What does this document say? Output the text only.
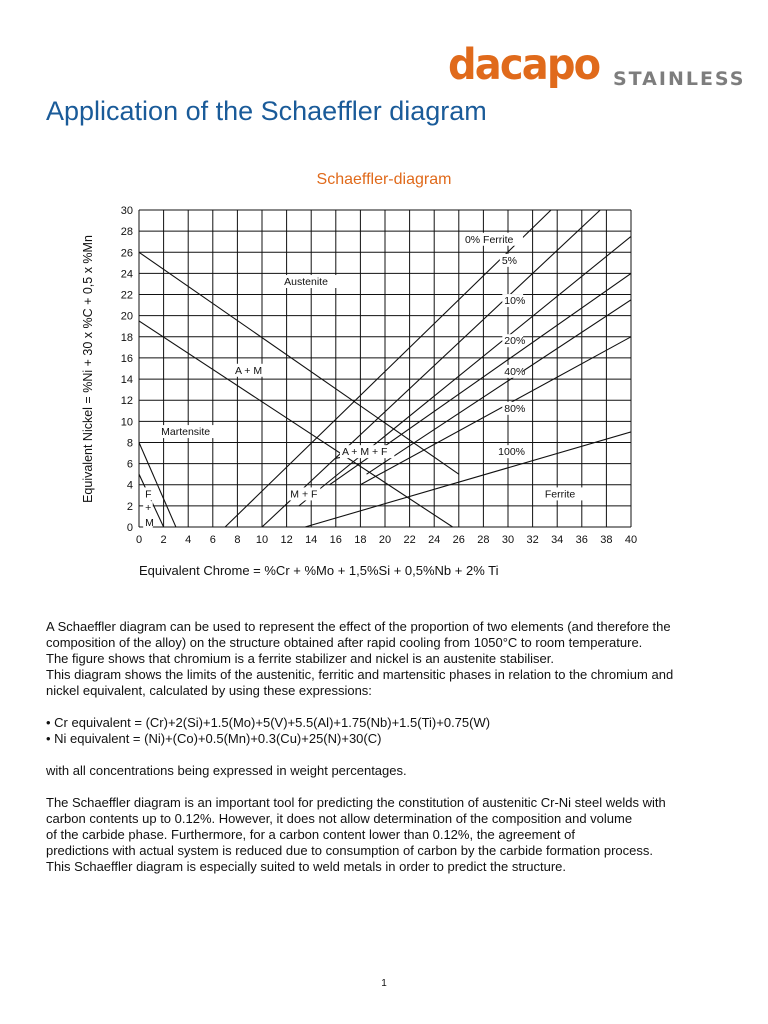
dacapo STAINLESS
Application of the Schaeffler diagram
Schaeffler-diagram
0 2 4 6 8 10 12 14 16 18 20 22 24 26 28 30 32 34 36 38 40
0
2
4
6
8
10
12
14
16
18
20
22
24
26
28
30
0% Ferrite
5%
10%
20%
40%
80%
100%
Austenite
A + M
Martensite
A + M + F
M + F	Ferrite
F
+
M
Equivalent Nickel = %Ni + 30 x %C + 0,5 x %Mn
Equivalent Chrome = %Cr + %Mo + 1,5%Si + 0,5%Nb + 2% Ti

A Schaeffler diagram can be used to represent the effect of the proportion of two elements (and therefore the
composition of the alloy) on the structure obtained after rapid cooling from 1050°C to room temperature.
The figure shows that chromium is a ferrite stabilizer and nickel is an austenite stabiliser.
This diagram shows the limits of the austenitic, ferritic and martensitic phases in relation to the chromium and
nickel equivalent, calculated by using these expressions:

• Cr equivalent = (Cr)+2(Si)+1.5(Mo)+5(V)+5.5(Al)+1.75(Nb)+1.5(Ti)+0.75(W)

• Ni equivalent = (Ni)+(Co)+0.5(Mn)+0.3(Cu)+25(N)+30(C)

with all concentrations being expressed in weight percentages.

The Schaeffler diagram is an important tool for predicting the constitution of austenitic Cr-Ni steel welds with
carbon contents up to 0.12%. However, it does not allow determination of the composition and volume
of the carbide phase. Furthermore, for a carbon content lower than 0.12%, the agreement of
predictions with actual system is reduced due to consumption of carbon by the carbide formation process.
This Schaeffler diagram is especially suited to weld metals in order to predict the structure.

1
